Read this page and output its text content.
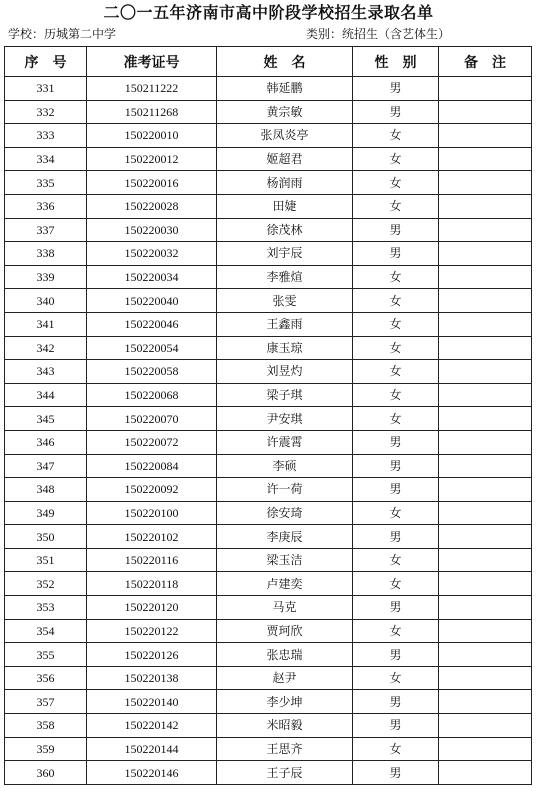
二〇一五年济南市高中阶段学校招生录取名单
学校：历城第二中学	类别：统招生（含艺体生）
序　号	准考证号	姓　名	性　别	备　注
331	150211222	韩延鹏	男	
332	150211268	黄宗敏	男	
333	150220010	张凤炎亭	女	
334	150220012	姬超君	女	
335	150220016	杨润雨	女	
336	150220028	田婕	女	
337	150220030	徐茂林	男	
338	150220032	刘宇辰	男	
339	150220034	李雅煊	女	
340	150220040	张雯	女	
341	150220046	王鑫雨	女	
342	150220054	康玉琼	女	
343	150220058	刘昱灼	女	
344	150220068	梁子琪	女	
345	150220070	尹安琪	女	
346	150220072	许震霄	男	
347	150220084	李硕	男	
348	150220092	许一荷	男	
349	150220100	徐安琦	女	
350	150220102	李庚辰	男	
351	150220116	梁玉洁	女	
352	150220118	卢建奕	女	
353	150220120	马克	男	
354	150220122	贾珂欣	女	
355	150220126	张忠瑞	男	
356	150220138	赵尹	女	
357	150220140	李少坤	男	
358	150220142	米昭毅	男	
359	150220144	王思齐	女	
360	150220146	王子辰	男	
